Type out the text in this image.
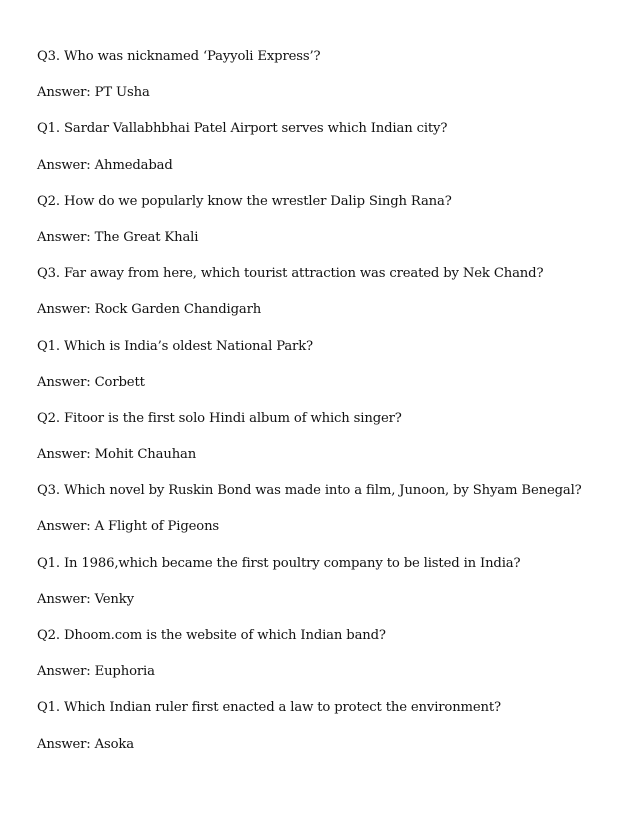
Q3. Who was nicknamed ‘Payyoli Express’?
Answer: PT Usha
Q1. Sardar Vallabhbhai Patel Airport serves which Indian city?
Answer: Ahmedabad
Q2. How do we popularly know the wrestler Dalip Singh Rana?
Answer: The Great Khali
Q3. Far away from here, which tourist attraction was created by Nek Chand?
Answer: Rock Garden Chandigarh
Q1. Which is India’s oldest National Park?
Answer: Corbett
Q2. Fitoor is the first solo Hindi album of which singer?
Answer: Mohit Chauhan
Q3. Which novel by Ruskin Bond was made into a film, Junoon, by Shyam Benegal?
Answer: A Flight of Pigeons
Q1. In 1986,which became the first poultry company to be listed in India?
Answer: Venky
Q2. Dhoom.com is the website of which Indian band?
Answer: Euphoria
Q1. Which Indian ruler first enacted a law to protect the environment?
Answer: Asoka
